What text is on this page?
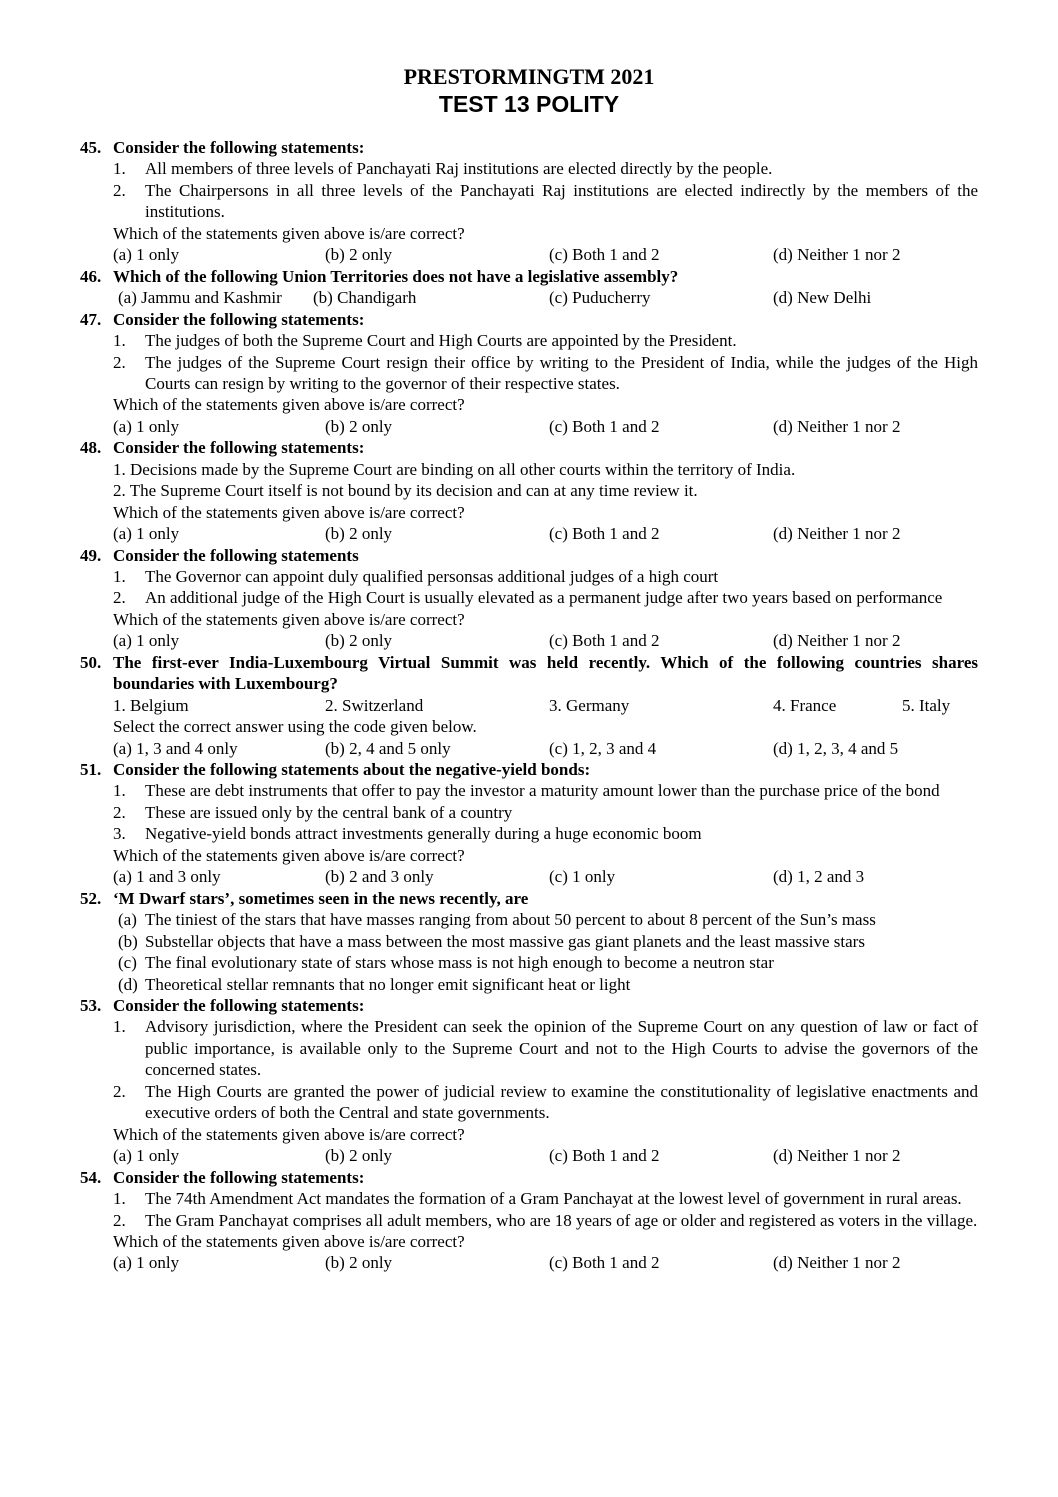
PRESTORMINGTM 2021
TEST 13 POLITY
45. Consider the following statements:
1.	All members of three levels of Panchayati Raj institutions are elected directly by the people.
2.	The Chairpersons in all three levels of the Panchayati Raj institutions are elected indirectly by the members of the institutions.
Which of the statements given above is/are correct?
(a) 1 only	(b) 2 only	(c) Both 1 and 2	(d) Neither 1 nor 2
46. Which of the following Union Territories does not have a legislative assembly?
(a) Jammu and Kashmir (b) Chandigarh	(c) Puducherry	(d) New Delhi
47. Consider the following statements:
1.	The judges of both the Supreme Court and High Courts are appointed by the President.
2.	The judges of the Supreme Court resign their office by writing to the President of India, while the judges of the High Courts can resign by writing to the governor of their respective states.
Which of the statements given above is/are correct?
(a) 1 only	(b) 2 only	(c) Both 1 and 2	(d) Neither 1 nor 2
48. Consider the following statements:
1. Decisions made by the Supreme Court are binding on all other courts within the territory of India.
2. The Supreme Court itself is not bound by its decision and can at any time review it.
Which of the statements given above is/are correct?
(a) 1 only	(b) 2 only	(c) Both 1 and 2	(d) Neither 1 nor 2
49. Consider the following statements
1.	The Governor can appoint duly qualified personsas additional judges of a high court
2.	An additional judge of the High Court is usually elevated as a permanent judge after two years based on performance
Which of the statements given above is/are correct?
(a) 1 only	(b) 2 only	(c) Both 1 and 2	(d) Neither 1 nor 2
50. The first-ever India-Luxembourg Virtual Summit was held recently. Which of the following countries shares boundaries with Luxembourg?
1. Belgium	2. Switzerland	3. Germany	4. France	5. Italy
Select the correct answer using the code given below.
(a) 1, 3 and 4 only	(b) 2, 4 and 5 only	(c) 1, 2, 3 and 4	(d) 1, 2, 3, 4 and 5
51. Consider the following statements about the negative-yield bonds:
1.	These are debt instruments that offer to pay the investor a maturity amount lower than the purchase price of the bond
2.	These are issued only by the central bank of a country
3.	Negative-yield bonds attract investments generally during a huge economic boom
Which of the statements given above is/are correct?
(a) 1 and 3 only	(b) 2 and 3 only	(c) 1 only	(d) 1, 2 and 3
52. ‘M Dwarf stars’, sometimes seen in the news recently, are
(a) The tiniest of the stars that have masses ranging from about 50 percent to about 8 percent of the Sun’s mass
(b) Substellar objects that have a mass between the most massive gas giant planets and the least massive stars
(c) The final evolutionary state of stars whose mass is not high enough to become a neutron star
(d) Theoretical stellar remnants that no longer emit significant heat or light
53. Consider the following statements:
1.	Advisory jurisdiction, where the President can seek the opinion of the Supreme Court on any question of law or fact of public importance, is available only to the Supreme Court and not to the High Courts to advise the governors of the concerned states.
2.	The High Courts are granted the power of judicial review to examine the constitutionality of legislative enactments and executive orders of both the Central and state governments.
Which of the statements given above is/are correct?
(a) 1 only	(b) 2 only	(c) Both 1 and 2	(d) Neither 1 nor 2
54. Consider the following statements:
1.	The 74th Amendment Act mandates the formation of a Gram Panchayat at the lowest level of government in rural areas.
2.	The Gram Panchayat comprises all adult members, who are 18 years of age or older and registered as voters in the village.
Which of the statements given above is/are correct?
(a) 1 only	(b) 2 only	(c) Both 1 and 2	(d) Neither 1 nor 2
